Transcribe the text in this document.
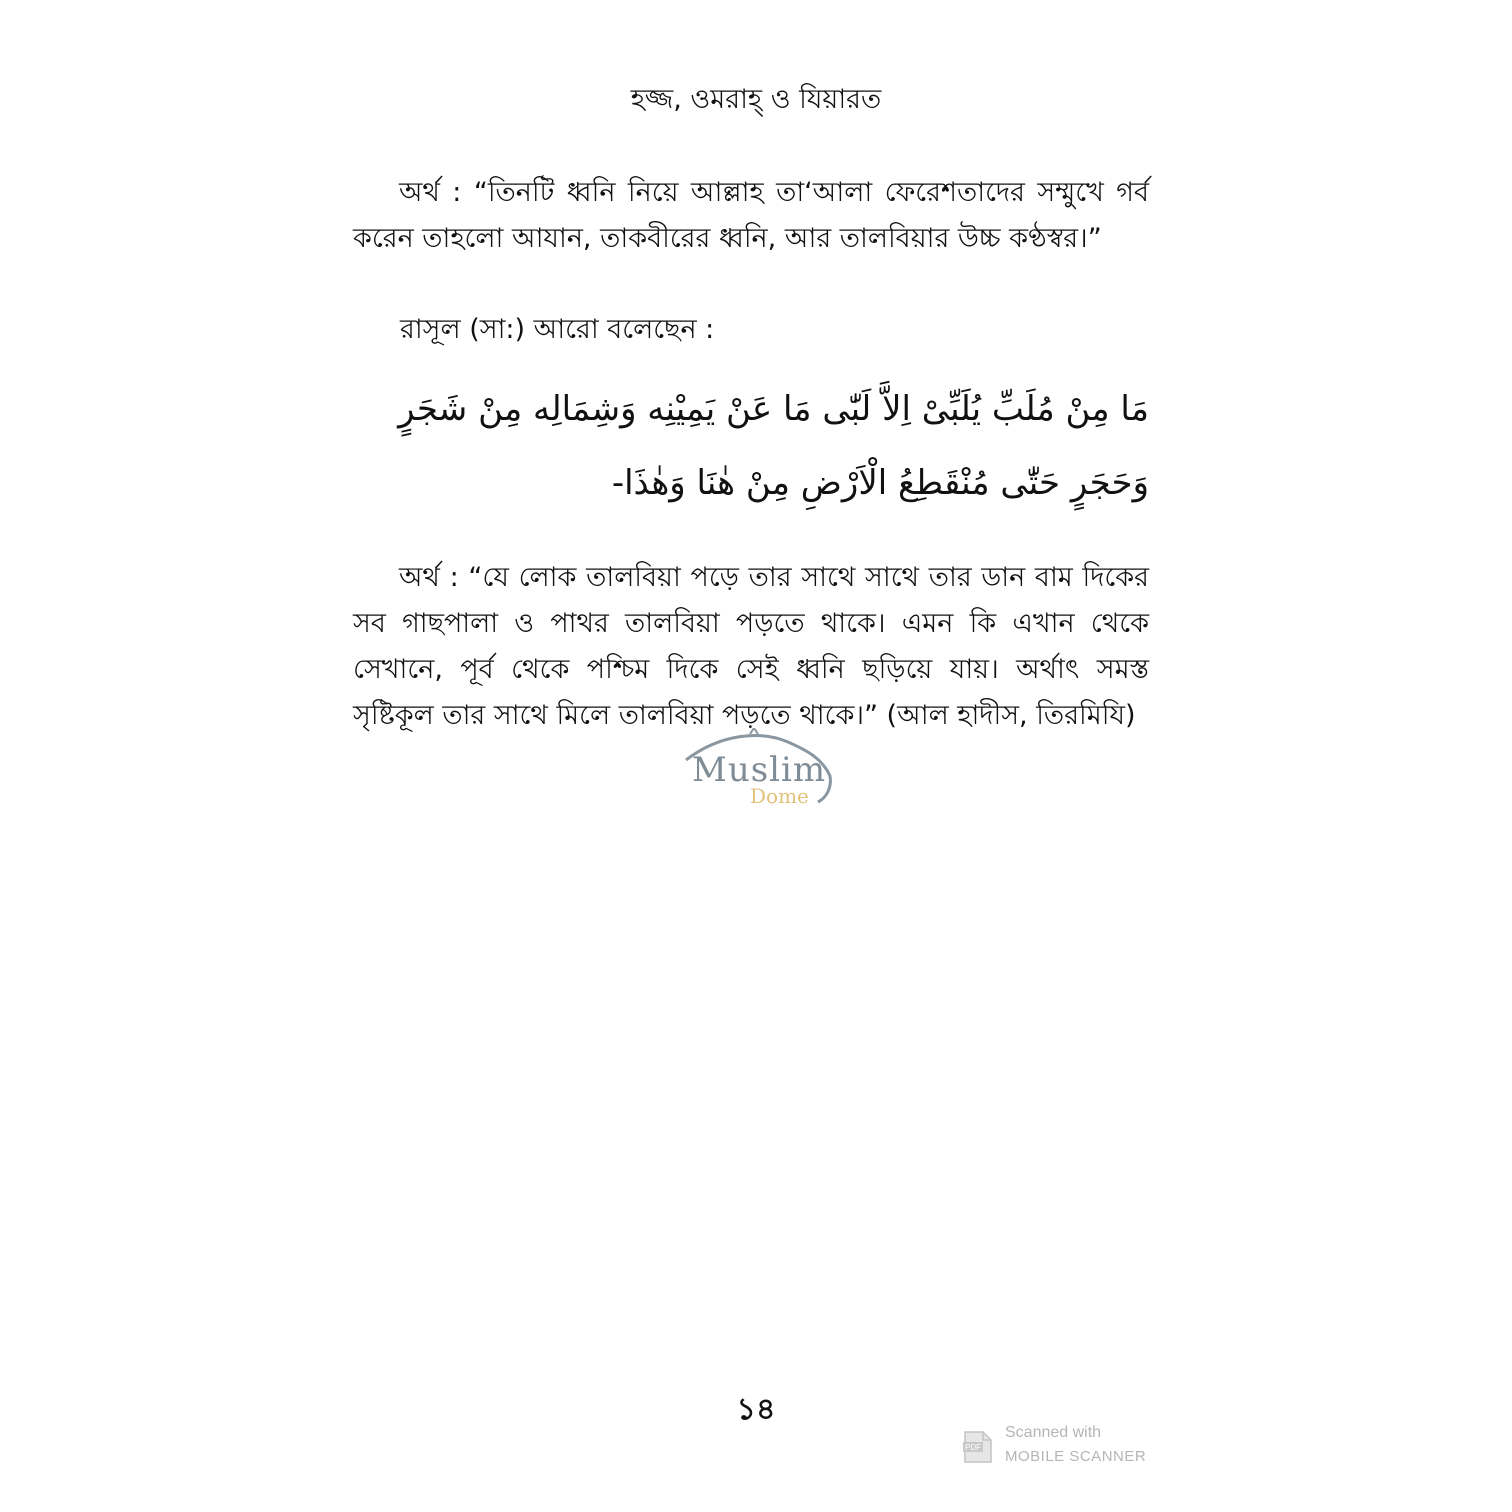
হজ্জ, ওমরাহ্ ও যিয়ারত

অর্থ : “তিনটি ধ্বনি নিয়ে আল্লাহ তা‘আলা ফেরেশতাদের সম্মুখে গর্ব করেন তাহলো আযান, তাকবীরের ধ্বনি, আর তালবিয়ার উচ্চ কণ্ঠস্বর।”

রাসূল (সা:) আরো বলেছেন :

مَا مِنْ مُلَبِّ يُلَبِّىْ اِلاَّ لَبّٰى مَا عَنْ يَمِيْنِه وَشِمَالِه مِنْ شَجَرٍ وَحَجَرٍ حَتّٰى مُنْقَطِعُ الْاَرْضِ مِنْ هٰنَا وَهٰذَا-

অর্থ : “যে লোক তালবিয়া পড়ে তার সাথে সাথে তার ডান বাম দিকের সব গাছপালা ও পাথর তালবিয়া পড়তে থাকে। এমন কি এখান থেকে সেখানে, পূর্ব থেকে পশ্চিম দিকে সেই ধ্বনি ছড়িয়ে যায়। অর্থাৎ সমস্ত সৃষ্টিকূল তার সাথে মিলে তালবিয়া পড়তে থাকে।” (আল হাদীস, তিরমিযি)

Muslim
Dome
১৪
PDF
Scanned with
MOBILE SCANNER
